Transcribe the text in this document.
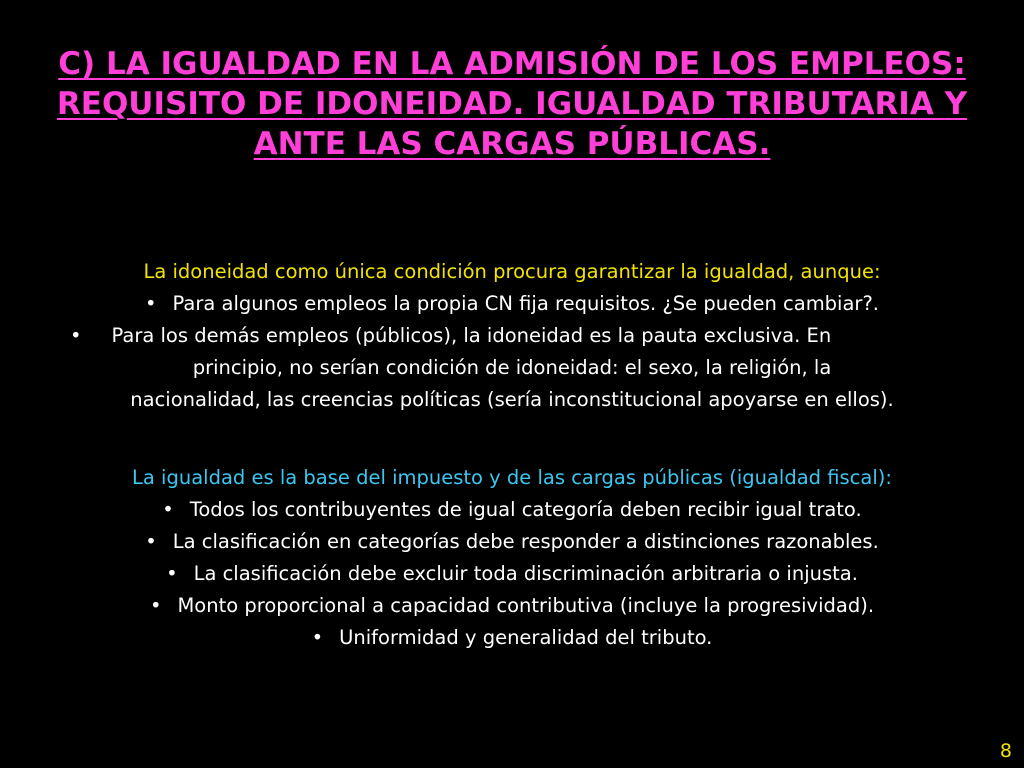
C) LA IGUALDAD EN LA ADMISIÓN DE LOS EMPLEOS: REQUISITO DE IDONEIDAD. IGUALDAD TRIBUTARIA Y ANTE LAS CARGAS PÚBLICAS.
La idoneidad como única condición procura garantizar la igualdad, aunque:
• Para algunos empleos la propia CN fija requisitos. ¿Se pueden cambiar?.
• Para los demás empleos (públicos), la idoneidad es la pauta exclusiva. En
principio, no serían condición de idoneidad: el sexo, la religión, la
nacionalidad, las creencias políticas (sería inconstitucional apoyarse en ellos).
La igualdad es la base del impuesto y de las cargas públicas (igualdad fiscal):
• Todos los contribuyentes de igual categoría deben recibir igual trato.
• La clasificación en categorías debe responder a distinciones razonables.
• La clasificación debe excluir toda discriminación arbitraria o injusta.
• Monto proporcional a capacidad contributiva (incluye la progresividad).
• Uniformidad y generalidad del tributo.
8
